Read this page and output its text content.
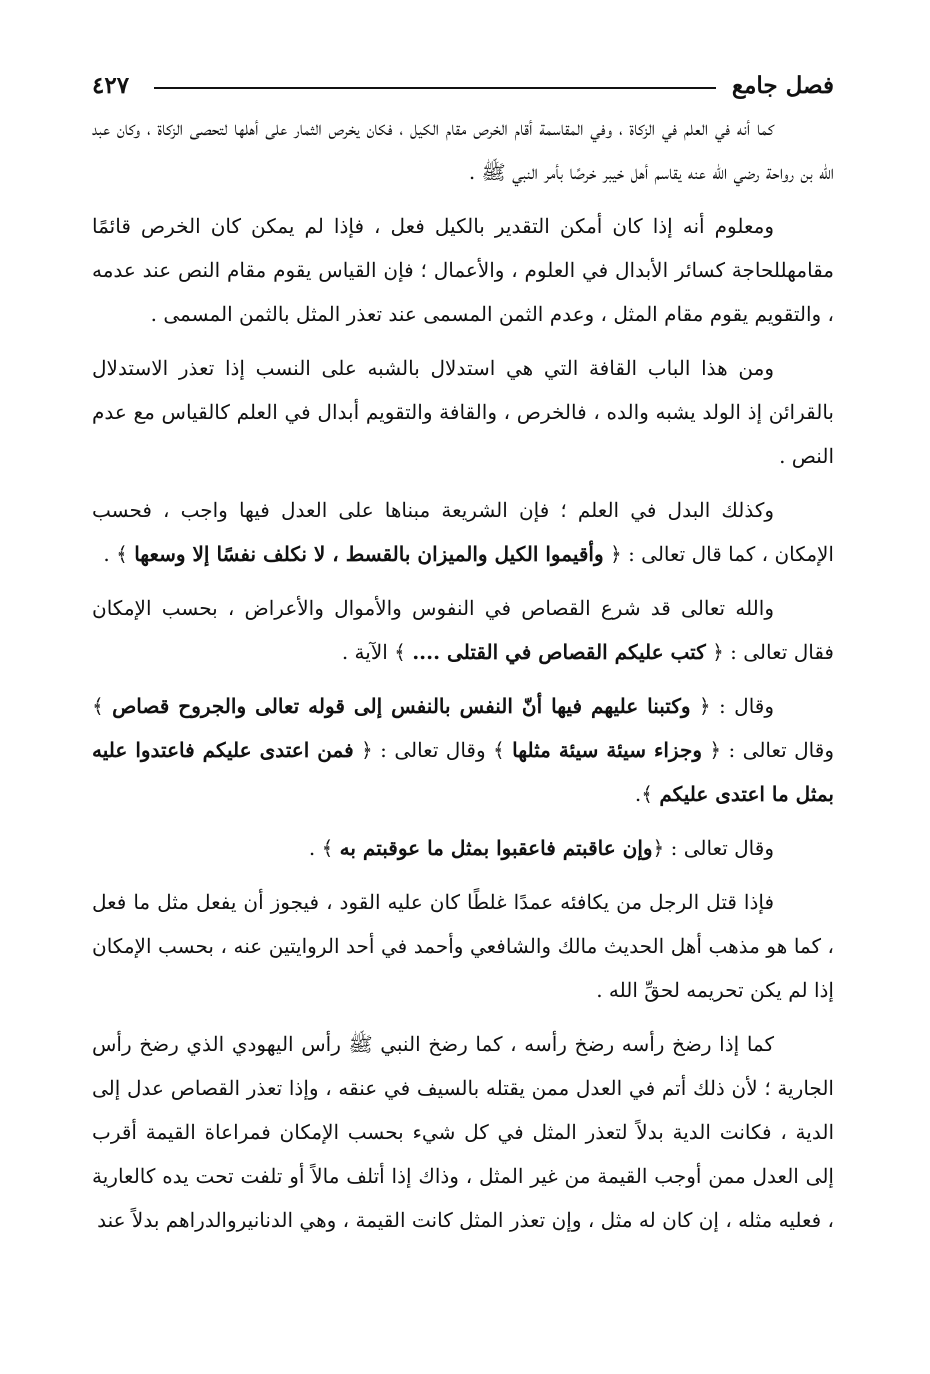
فصل جامع
٤٢٧

كما أنه في العلم في الزكاة ، وفي المقاسمة أقام الخرص مقام الكيل ، فكان يخرص الثمار على أهلها لتحصى الزكاة ، وكان عبد الله بن رواحة رضي الله عنه يقاسم أهل خيبر خرصًا بأمر النبي ﷺ .

ومعلوم أنه إذا كان أمكن التقدير بالكيل فعل ، فإذا لم يمكن كان الخرص قائمًا مقامهللحاجة كسائر الأبدال في العلوم ، والأعمال ؛ فإن القياس يقوم مقام النص عند عدمه ، والتقويم يقوم مقام المثل ، وعدم الثمن المسمى عند تعذر المثل بالثمن المسمى .

ومن هذا الباب القافة التي هي استدلال بالشبه على النسب إذا تعذر الاستدلال بالقرائن إذ الولد يشبه والده ، فالخرص ، والقافة والتقويم أبدال في العلم كالقياس مع عدم النص .

وكذلك البدل في العلم ؛ فإن الشريعة مبناها على العدل فيها واجب ، فحسب الإمكان ، كما قال تعالى : ﴿ وأقيموا الكيل والميزان بالقسط ، لا نكلف نفسًا إلا وسعها ﴾ .

والله تعالى قد شرع القصاص في النفوس والأموال والأعراض ، بحسب الإمكان فقال تعالى : ﴿ كتب عليكم القصاص في القتلى .... ﴾ الآية .

وقال : ﴿ وكتبنا عليهم فيها أنّ النفس بالنفس إلى قوله تعالى والجروح قصاص ﴾ وقال تعالى : ﴿ وجزاء سيئة سيئة مثلها ﴾ وقال تعالى : ﴿ فمن اعتدى عليكم فاعتدوا عليه بمثل ما اعتدى عليكم ﴾.

وقال تعالى : ﴿وإن عاقبتم فاعقبوا بمثل ما عوقبتم به ﴾ .

فإذا قتل الرجل من يكافئه عمدًا غلطًا كان عليه القود ، فيجوز أن يفعل مثل ما فعل ، كما هو مذهب أهل الحديث مالك والشافعي وأحمد في أحد الروايتين عنه ، بحسب الإمكان إذا لم يكن تحريمه لحقِّ الله .

كما إذا رضخ رأسه رضخ رأسه ، كما رضخ النبي ﷺ رأس اليهودي الذي رضخ رأس الجارية ؛ لأن ذلك أتم في العدل ممن يقتله بالسيف في عنقه ، وإذا تعذر القصاص عدل إلى الدية ، فكانت الدية بدلاً لتعذر المثل في كل شيء بحسب الإمكان فمراعاة القيمة أقرب إلى العدل ممن أوجب القيمة من غير المثل ، وذاك إذا أتلف مالاً أو تلفت تحت يده كالعارية ، فعليه مثله ، إن كان له مثل ، وإن تعذر المثل كانت القيمة ، وهي الدنانيروالدراهم بدلاً عند
